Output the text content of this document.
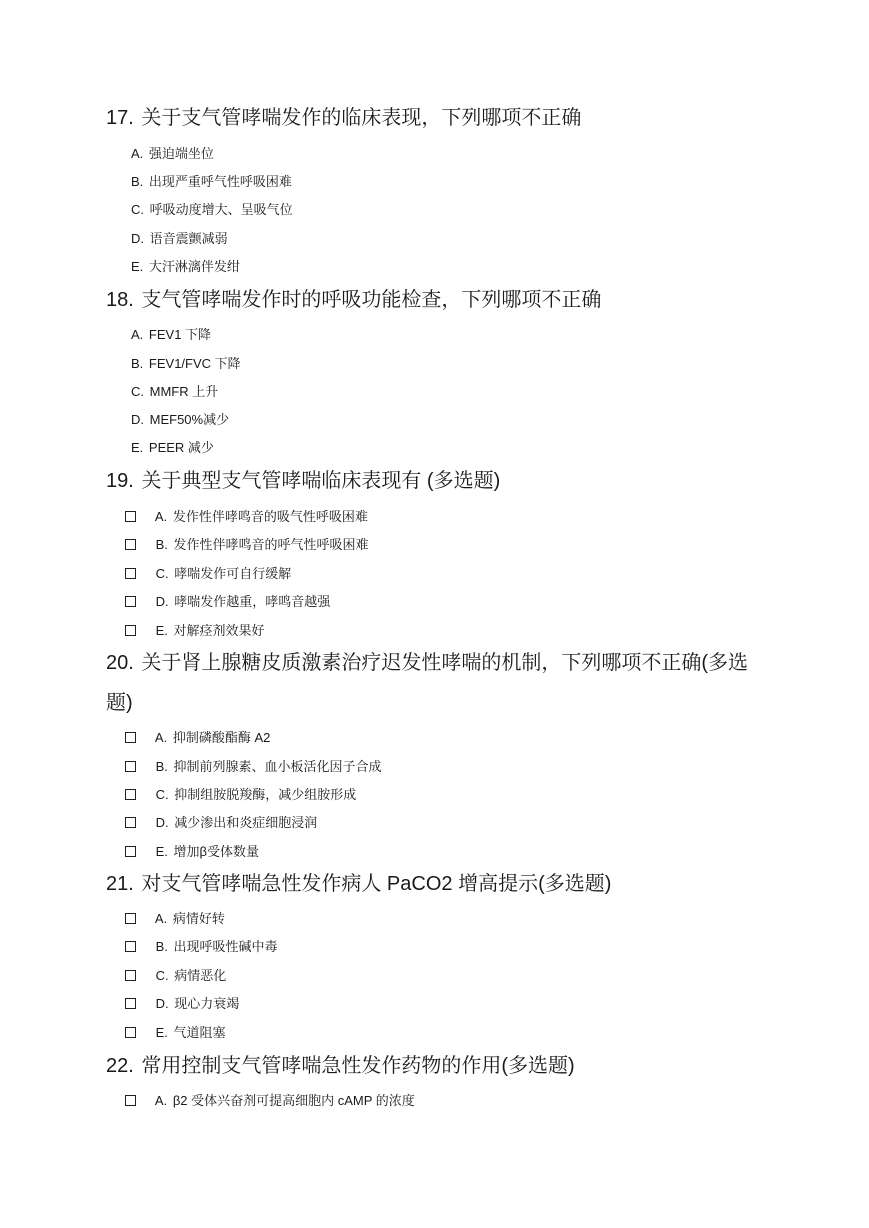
17. 关于支气管哮喘发作的临床表现，下列哪项不正确
A. 强迫端坐位
B. 出现严重呼气性呼吸困难
C. 呼吸动度增大、呈吸气位
D. 语音震颤减弱
E. 大汗淋漓伴发绀
18. 支气管哮喘发作时的呼吸功能检查，下列哪项不正确
A. FEV1 下降
B. FEV1/FVC 下降
C. MMFR 上升
D. MEF50%减少
E. PEER 减少
19. 关于典型支气管哮喘临床表现有 (多选题)
A. 发作性伴哮鸣音的吸气性呼吸困难
B. 发作性伴哮鸣音的呼气性呼吸困难
C. 哮喘发作可自行缓解
D. 哮喘发作越重，哮鸣音越强
E. 对解痉剂效果好
20. 关于肾上腺糖皮质激素治疗迟发性哮喘的机制，下列哪项不正确(多选题)
A. 抑制磷酸酯酶 A2
B. 抑制前列腺素、血小板活化因子合成
C. 抑制组胺脱羧酶，减少组胺形成
D. 减少渗出和炎症细胞浸润
E. 增加β受体数量
21. 对支气管哮喘急性发作病人 PaCO2 增高提示(多选题)
A. 病情好转
B. 出现呼吸性碱中毒
C. 病情恶化
D. 现心力衰竭
E. 气道阻塞
22. 常用控制支气管哮喘急性发作药物的作用(多选题)
A. β2 受体兴奋剂可提高细胞内 cAMP 的浓度
